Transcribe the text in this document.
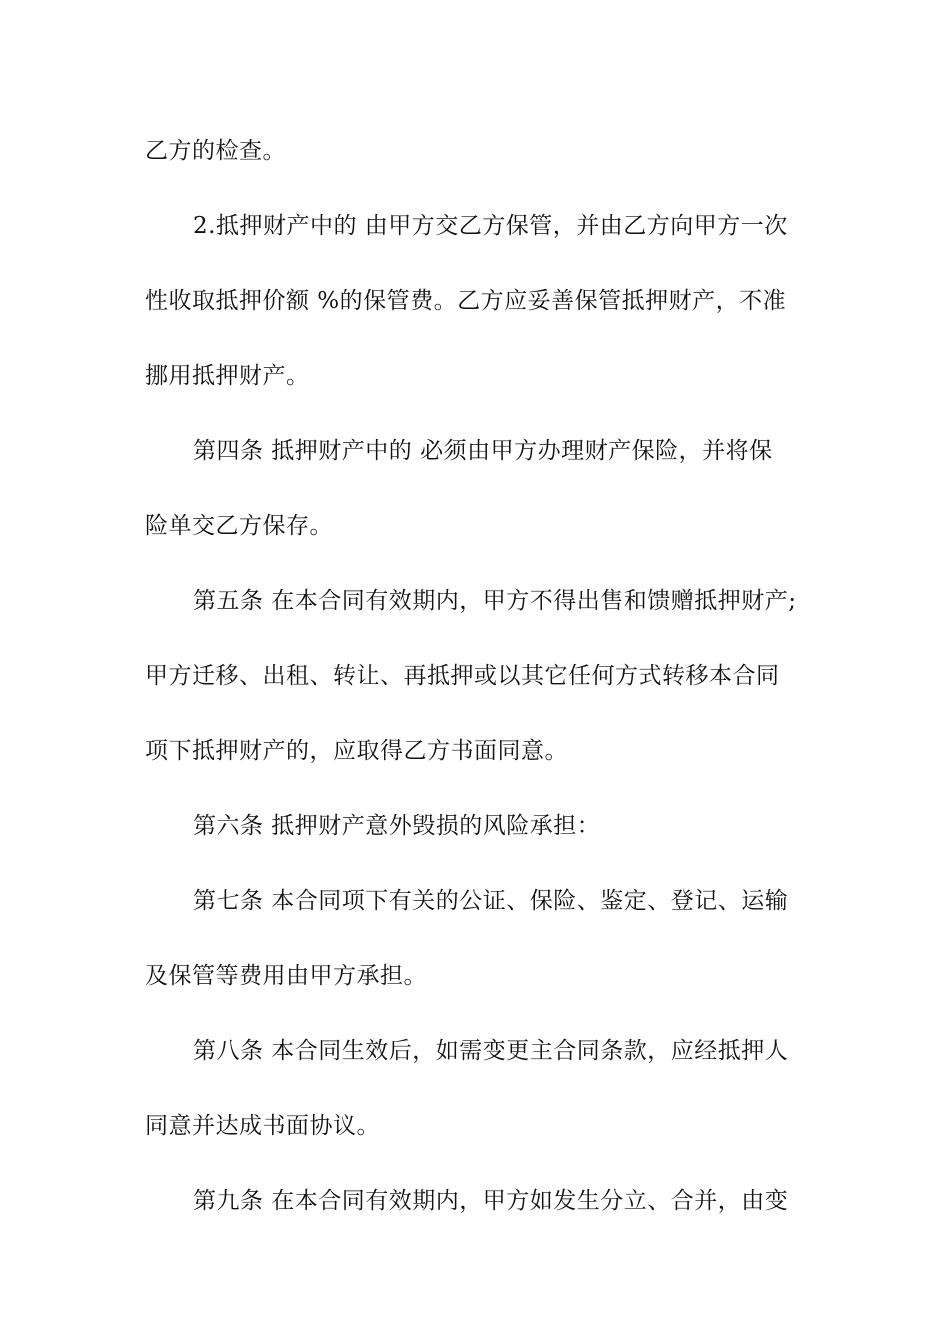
乙方的检查。
2.抵押财产中的 由甲方交乙方保管，并由乙方向甲方一次
性收取抵押价额 %的保管费。乙方应妥善保管抵押财产，不准
挪用抵押财产。
第四条 抵押财产中的 必须由甲方办理财产保险，并将保
险单交乙方保存。
第五条 在本合同有效期内，甲方不得出售和馈赠抵押财产;
甲方迁移、出租、转让、再抵押或以其它任何方式转移本合同
项下抵押财产的，应取得乙方书面同意。
第六条 抵押财产意外毁损的风险承担：
第七条 本合同项下有关的公证、保险、鉴定、登记、运输
及保管等费用由甲方承担。
第八条 本合同生效后，如需变更主合同条款，应经抵押人
同意并达成书面协议。
第九条 在本合同有效期内，甲方如发生分立、合并，由变
